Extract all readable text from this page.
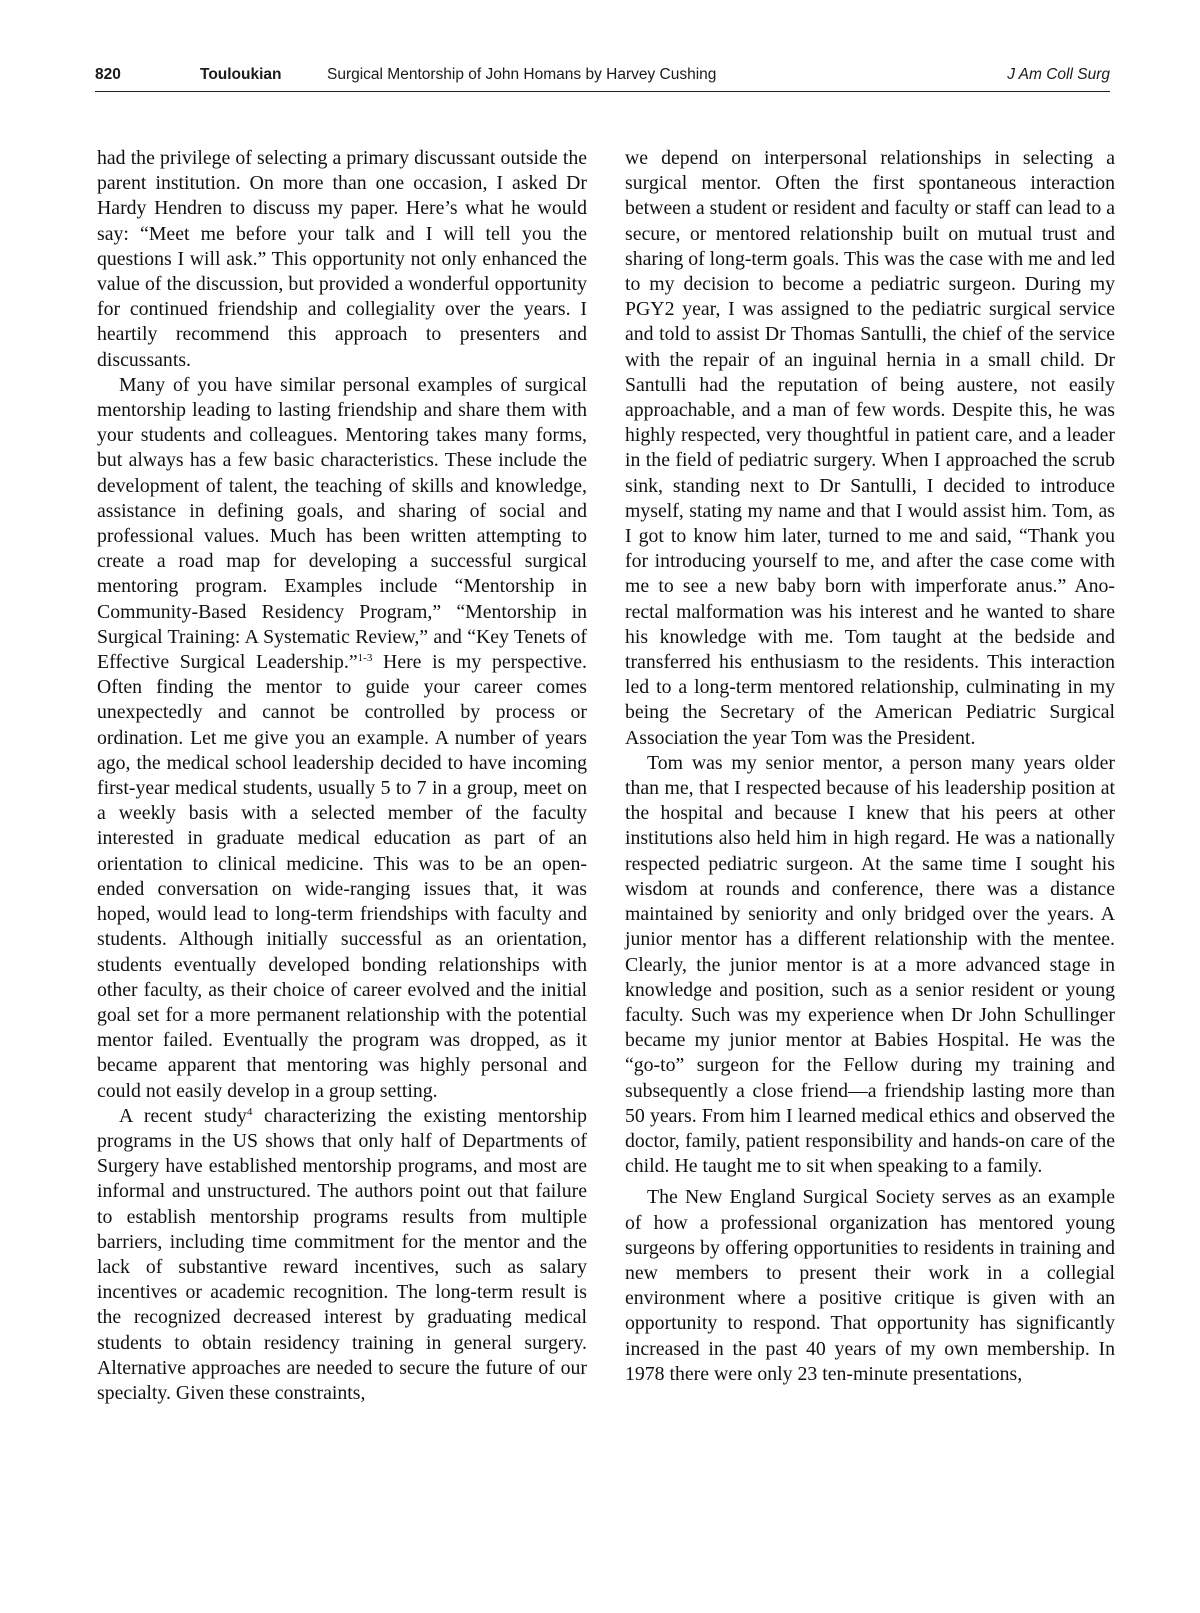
820	Touloukian	Surgical Mentorship of John Homans by Harvey Cushing	J Am Coll Surg

had the privilege of selecting a primary discussant outside the parent institution. On more than one occasion, I asked Dr Hardy Hendren to discuss my paper. Here’s what he would say: “Meet me before your talk and I will tell you the questions I will ask.” This opportunity not only enhanced the value of the discussion, but provided a wonderful opportunity for continued friendship and collegiality over the years. I heartily recommend this approach to presenters and discussants.

Many of you have similar personal examples of surgical mentorship leading to lasting friendship and share them with your students and colleagues. Mentoring takes many forms, but always has a few basic characteristics. These include the development of talent, the teaching of skills and knowledge, assistance in defining goals, and sharing of social and professional values. Much has been written attempting to create a road map for developing a successful surgical mentoring program. Examples include “Mentorship in Community-Based Residency Program,” “Mentorship in Surgical Training: A Systematic Review,” and “Key Tenets of Effective Surgical Leadership.”$^{1-3}$ Here is my perspective. Often finding the mentor to guide your career comes unexpectedly and cannot be controlled by process or ordination. Let me give you an example. A number of years ago, the medical school leadership decided to have incoming first-year medical students, usually 5 to 7 in a group, meet on a weekly basis with a selected member of the faculty interested in graduate medical education as part of an orientation to clinical medicine. This was to be an open-ended conversation on wide-ranging issues that, it was hoped, would lead to long-term friendships with faculty and students. Although initially successful as an orientation, students eventually developed bonding relationships with other faculty, as their choice of career evolved and the initial goal set for a more permanent relationship with the potential mentor failed. Eventually the program was dropped, as it became apparent that mentoring was highly personal and could not easily develop in a group setting.

A recent study$^4$ characterizing the existing mentorship programs in the US shows that only half of Departments of Surgery have established mentorship programs, and most are informal and unstructured. The authors point out that failure to establish mentorship programs results from multiple barriers, including time commitment for the mentor and the lack of substantive reward incentives, such as salary incentives or academic recognition. The long-term result is the recognized decreased interest by graduating medical students to obtain residency training in general surgery. Alternative approaches are needed to secure the future of our specialty. Given these constraints,

we depend on interpersonal relationships in selecting a surgical mentor. Often the first spontaneous interaction between a student or resident and faculty or staff can lead to a secure, or mentored relationship built on mutual trust and sharing of long-term goals. This was the case with me and led to my decision to become a pediatric surgeon. During my PGY2 year, I was assigned to the pediatric surgical service and told to assist Dr Thomas Santulli, the chief of the service with the repair of an inguinal hernia in a small child. Dr Santulli had the reputation of being austere, not easily approachable, and a man of few words. Despite this, he was highly respected, very thoughtful in patient care, and a leader in the field of pediatric surgery. When I approached the scrub sink, standing next to Dr Santulli, I decided to introduce myself, stating my name and that I would assist him. Tom, as I got to know him later, turned to me and said, “Thank you for introducing yourself to me, and after the case come with me to see a new baby born with imperforate anus.” Ano-rectal malformation was his interest and he wanted to share his knowledge with me. Tom taught at the bedside and transferred his enthusiasm to the residents. This interaction led to a long-term mentored relationship, culminating in my being the Secretary of the American Pediatric Surgical Association the year Tom was the President.

Tom was my senior mentor, a person many years older than me, that I respected because of his leadership position at the hospital and because I knew that his peers at other institutions also held him in high regard. He was a nationally respected pediatric surgeon. At the same time I sought his wisdom at rounds and conference, there was a distance maintained by seniority and only bridged over the years. A junior mentor has a different relationship with the mentee. Clearly, the junior mentor is at a more advanced stage in knowledge and position, such as a senior resident or young faculty. Such was my experience when Dr John Schullinger became my junior mentor at Babies Hospital. He was the “go-to” surgeon for the Fellow during my training and subsequently a close friend—a friendship lasting more than 50 years. From him I learned medical ethics and observed the doctor, family, patient responsibility and hands-on care of the child. He taught me to sit when speaking to a family.

The New England Surgical Society serves as an example of how a professional organization has mentored young surgeons by offering opportunities to residents in training and new members to present their work in a collegial environment where a positive critique is given with an opportunity to respond. That opportunity has significantly increased in the past 40 years of my own membership. In 1978 there were only 23 ten-minute presentations,
